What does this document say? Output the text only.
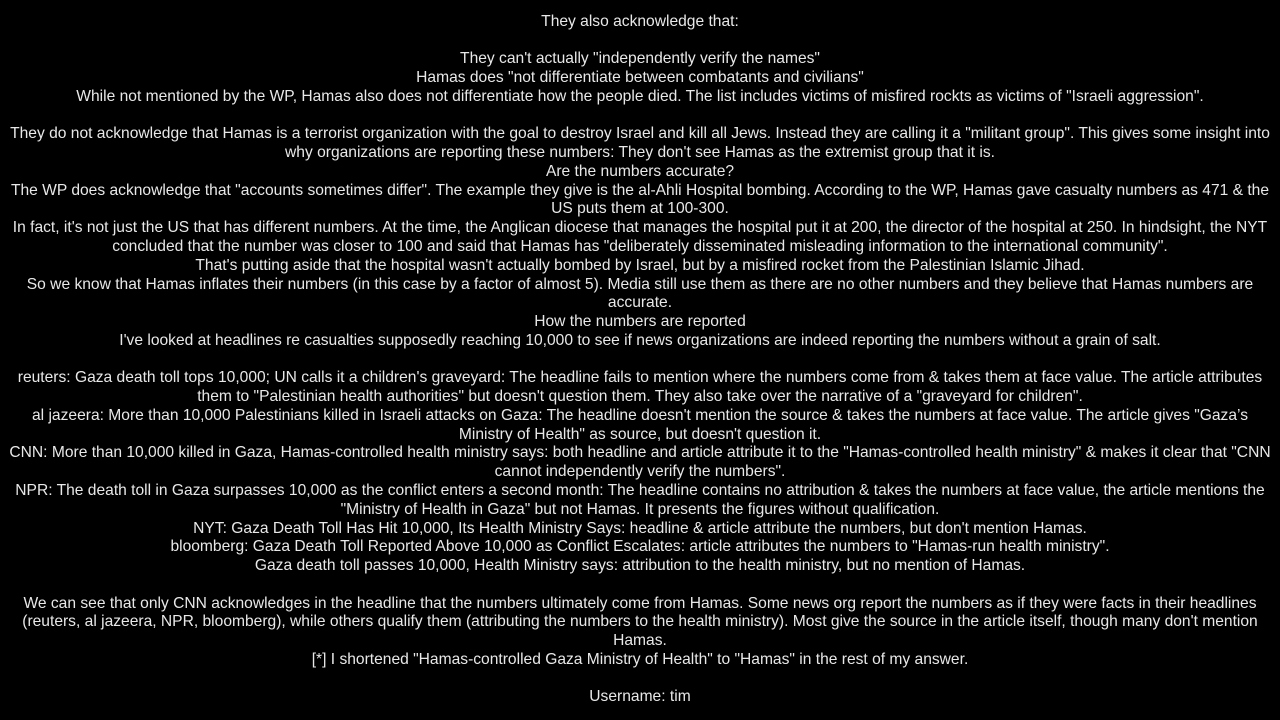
They also acknowledge that:

They can't actually "independently verify the names"

Hamas does "not differentiate between combatants and civilians"

While not mentioned by the WP, Hamas also does not differentiate how the people died. The list includes victims of misfired rockts as victims of "Israeli aggression".

They do not acknowledge that Hamas is a terrorist organization with the goal to destroy Israel and kill all Jews. Instead they are calling it a "militant group". This gives some insight into why organizations are reporting these numbers: They don't see Hamas as the extremist group that it is.

Are the numbers accurate?

The WP does acknowledge that "accounts sometimes differ". The example they give is the al-Ahli Hospital bombing. According to the WP, Hamas gave casualty numbers as 471 & the US puts them at 100-300.

In fact, it's not just the US that has different numbers. At the time, the Anglican diocese that manages the hospital put it at 200, the director of the hospital at 250. In hindsight, the NYT concluded that the number was closer to 100 and said that Hamas has "deliberately disseminated misleading information to the international community".

That's putting aside that the hospital wasn't actually bombed by Israel, but by a misfired rocket from the Palestinian Islamic Jihad.

So we know that Hamas inflates their numbers (in this case by a factor of almost 5). Media still use them as there are no other numbers and they believe that Hamas numbers are accurate.

How the numbers are reported

I've looked at headlines re casualties supposedly reaching 10,000 to see if news organizations are indeed reporting the numbers without a grain of salt.

reuters: Gaza death toll tops 10,000; UN calls it a children's graveyard: The headline fails to mention where the numbers come from & takes them at face value. The article attributes them to "Palestinian health authorities" but doesn't question them. They also take over the narrative of a "graveyard for children".

al jazeera: More than 10,000 Palestinians killed in Israeli attacks on Gaza: The headline doesn't mention the source & takes the numbers at face value. The article gives "Gaza’s Ministry of Health" as source, but doesn't question it.

CNN: More than 10,000 killed in Gaza, Hamas-controlled health ministry says: both headline and article attribute it to the "Hamas-controlled health ministry" & makes it clear that "CNN cannot independently verify the numbers".

NPR: The death toll in Gaza surpasses 10,000 as the conflict enters a second month: The headline contains no attribution & takes the numbers at face value, the article mentions the "Ministry of Health in Gaza" but not Hamas. It presents the figures without qualification.

NYT: Gaza Death Toll Has Hit 10,000, Its Health Ministry Says: headline & article attribute the numbers, but don't mention Hamas.

bloomberg: Gaza Death Toll Reported Above 10,000 as Conflict Escalates: article attributes the numbers to "Hamas-run health ministry".

Gaza death toll passes 10,000, Health Ministry says: attribution to the health ministry, but no mention of Hamas.

We can see that only CNN acknowledges in the headline that the numbers ultimately come from Hamas. Some news org report the numbers as if they were facts in their headlines (reuters, al jazeera, NPR, bloomberg), while others qualify them (attributing the numbers to the health ministry). Most give the source in the article itself, though many don't mention Hamas.

[*] I shortened "Hamas-controlled Gaza Ministry of Health" to "Hamas" in the rest of my answer.

Username: tim
